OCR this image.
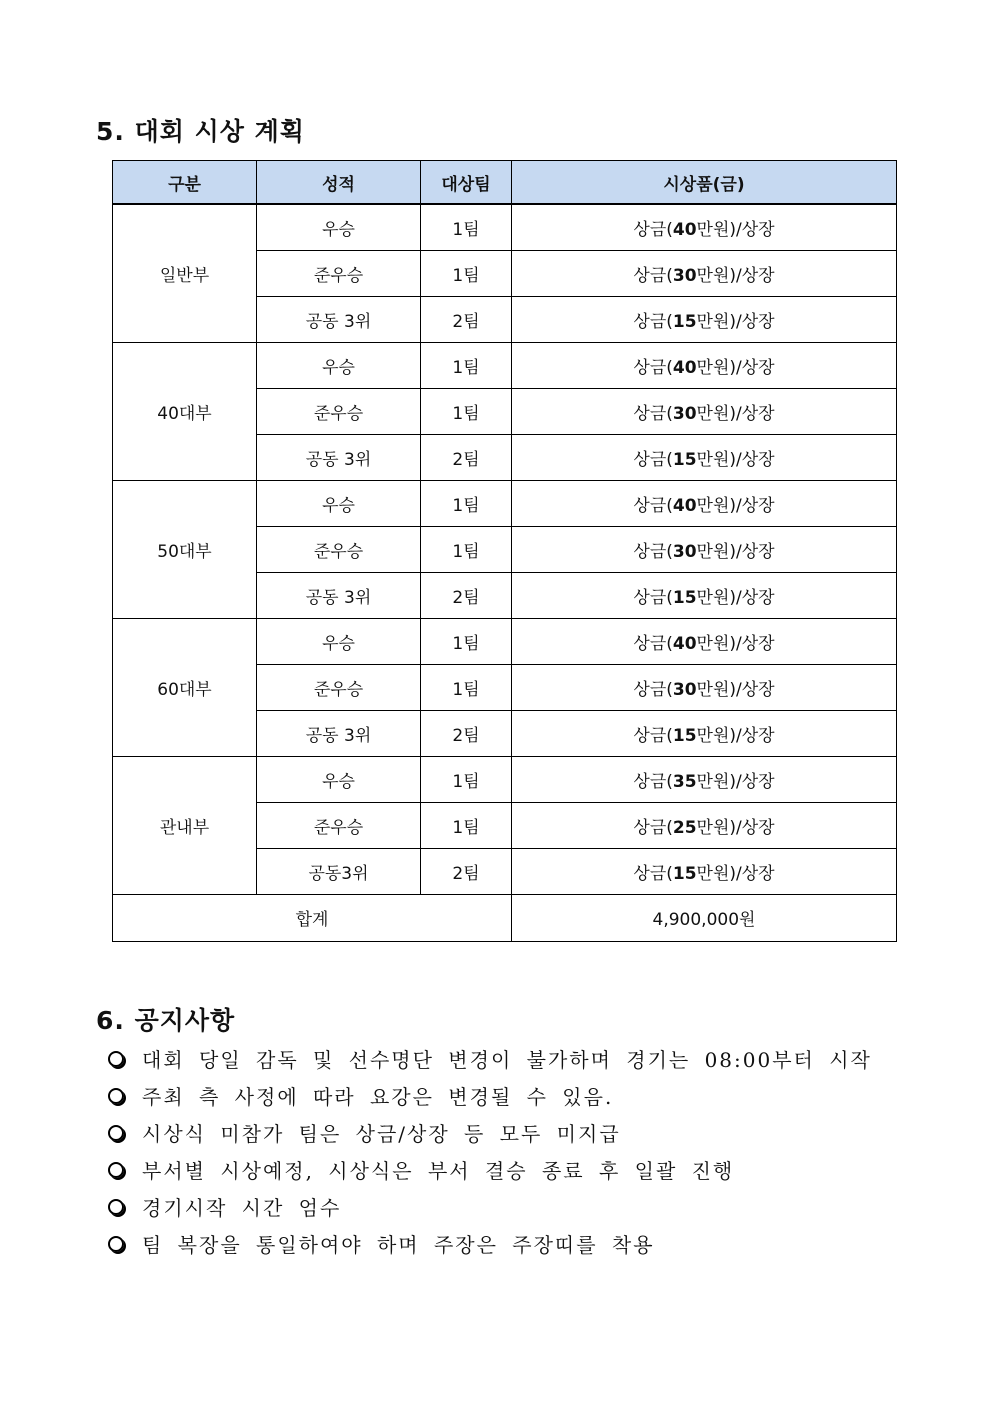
5. 대회 시상 계획
구분	성적	대상팀	시상품(금)
일반부	우승	1팀	상금(40만원)/상장
	준우승	1팀	상금(30만원)/상장
	공동 3위	2팀	상금(15만원)/상장
40대부	우승	1팀	상금(40만원)/상장
	준우승	1팀	상금(30만원)/상장
	공동 3위	2팀	상금(15만원)/상장
50대부	우승	1팀	상금(40만원)/상장
	준우승	1팀	상금(30만원)/상장
	공동 3위	2팀	상금(15만원)/상장
60대부	우승	1팀	상금(40만원)/상장
	준우승	1팀	상금(30만원)/상장
	공동 3위	2팀	상금(15만원)/상장
관내부	우승	1팀	상금(35만원)/상장
	준우승	1팀	상금(25만원)/상장
	공동3위	2팀	상금(15만원)/상장
합계			4,900,000원
6. 공지사항
대회 당일 감독 및 선수명단 변경이 불가하며 경기는 08:00부터 시작
주최 측 사정에 따라 요강은 변경될 수 있음.
시상식 미참가 팀은 상금/상장 등 모두 미지급
부서별 시상예정, 시상식은 부서 결승 종료 후 일괄 진행
경기시작 시간 엄수
팀 복장을 통일하여야 하며 주장은 주장띠를 착용
